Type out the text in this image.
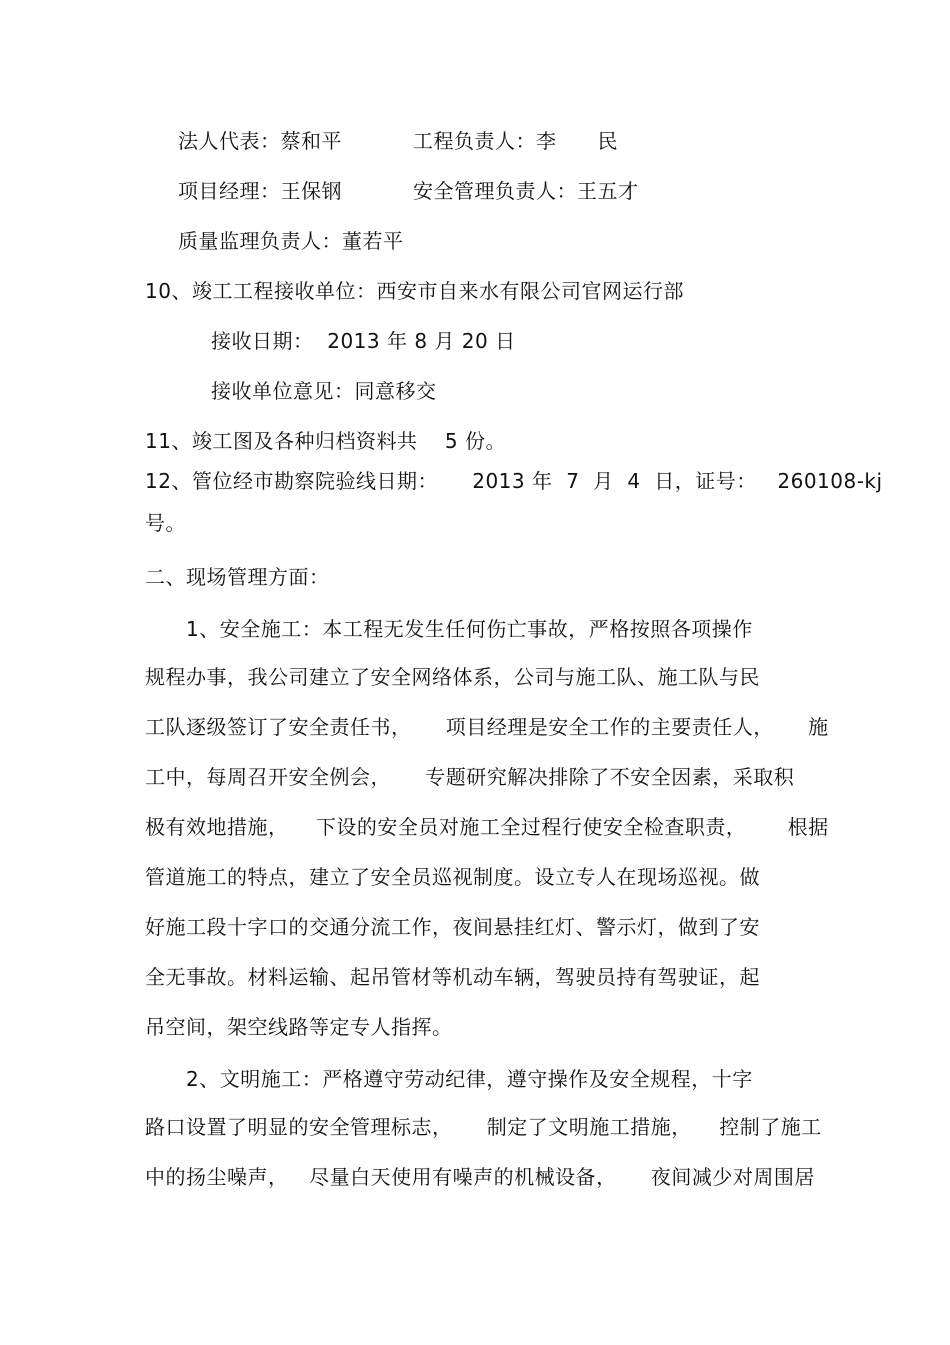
法人代表：蔡和平	工程负责人：李      民
项目经理：王保钢	安全管理负责人：王五才
质量监理负责人：董若平
10、竣工工程接收单位：西安市自来水有限公司官网运行部
接收日期：  2013 年 8 月 20 日
接收单位意见：同意移交
11、竣工图及各种归档资料共    5 份。
12、管位经市勘察院验线日期：     2013 年  7  月  4  日，证号：   260108-kj
号。
二、现场管理方面：
1、安全施工：本工程无发生任何伤亡事故，严格按照各项操作
规程办事，我公司建立了安全网络体系，公司与施工队、施工队与民
工队逐级签订了安全责任书，     项目经理是安全工作的主要责任人，     施
工中，每周召开安全例会，     专题研究解决排除了不安全因素，采取积
极有效地措施，    下设的安全员对施工全过程行使安全检查职责，      根据
管道施工的特点，建立了安全员巡视制度。设立专人在现场巡视。做
好施工段十字口的交通分流工作，夜间悬挂红灯、警示灯，做到了安
全无事故。材料运输、起吊管材等机动车辆，驾驶员持有驾驶证，起
吊空间，架空线路等定专人指挥。
2、文明施工：严格遵守劳动纪律，遵守操作及安全规程，十字
路口设置了明显的安全管理标志，     制定了文明施工措施，    控制了施工
中的扬尘噪声，   尽量白天使用有噪声的机械设备，     夜间减少对周围居
